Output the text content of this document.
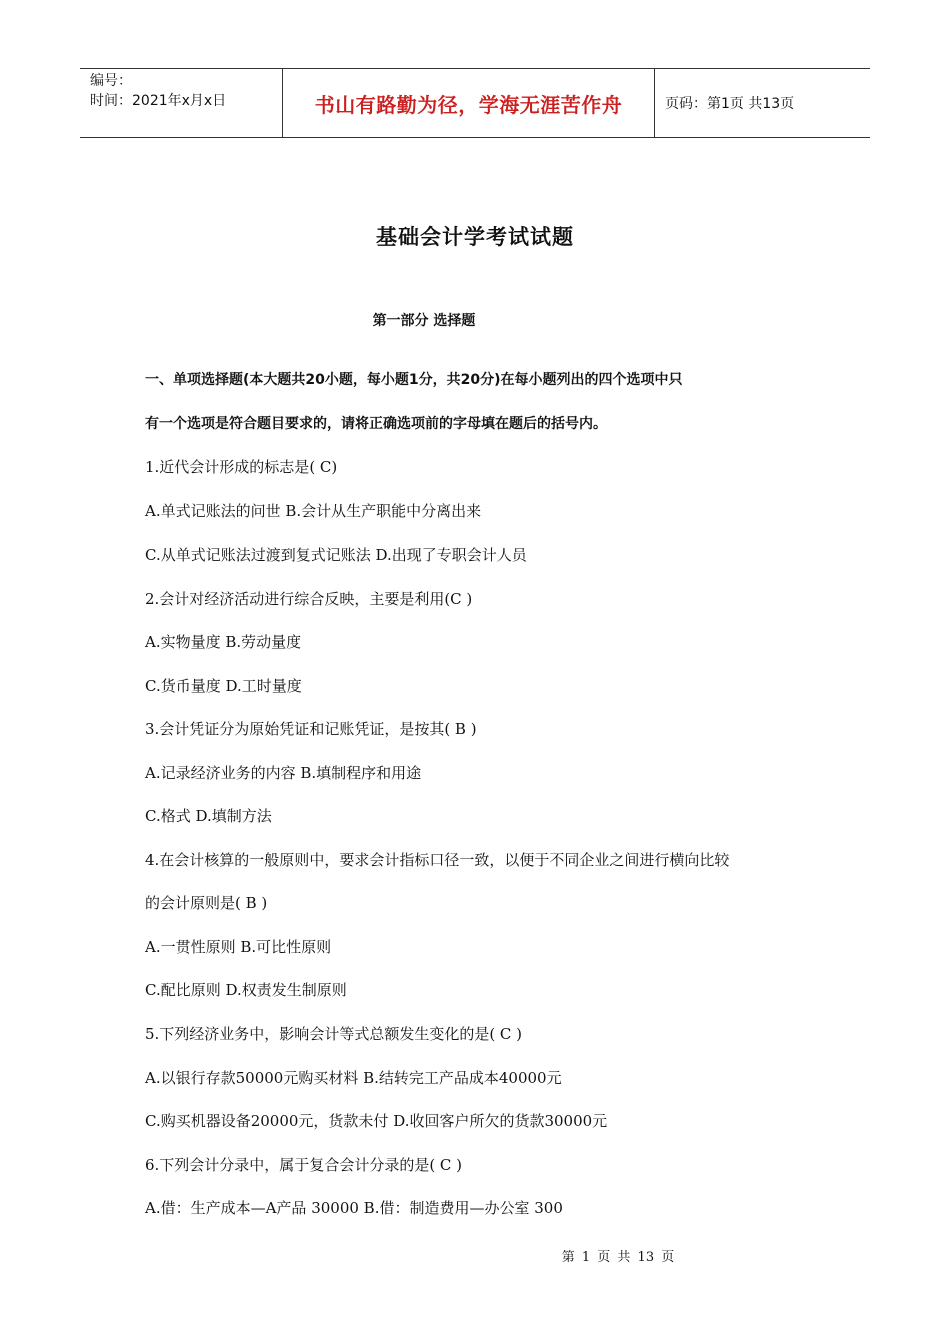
编号：
时间：2021年x月x日	书山有路勤为径，学海无涯苦作舟	页码：第1页 共13页
基础会计学考试试题
第一部分 选择题
一、单项选择题(本大题共20小题，每小题1分，共20分)在每小题列出的四个选项中只
有一个选项是符合题目要求的，请将正确选项前的字母填在题后的括号内。
1.近代会计形成的标志是( C)
A.单式记账法的问世 B.会计从生产职能中分离出来
C.从单式记账法过渡到复式记账法 D.出现了专职会计人员
2.会计对经济活动进行综合反映，主要是利用(C )
A.实物量度 B.劳动量度
C.货币量度 D.工时量度
3.会计凭证分为原始凭证和记账凭证，是按其( B )
A.记录经济业务的内容 B.填制程序和用途
C.格式 D.填制方法
4.在会计核算的一般原则中，要求会计指标口径一致，以便于不同企业之间进行横向比较
的会计原则是( B )
A.一贯性原则 B.可比性原则
C.配比原则 D.权责发生制原则
5.下列经济业务中，影响会计等式总额发生变化的是( C )
A.以银行存款50000元购买材料 B.结转完工产品成本40000元
C.购买机器设备20000元，货款未付 D.收回客户所欠的货款30000元
6.下列会计分录中，属于复合会计分录的是( C )
A.借：生产成本—A产品 30000 B.借：制造费用—办公室 300
第 1 页 共 13 页
